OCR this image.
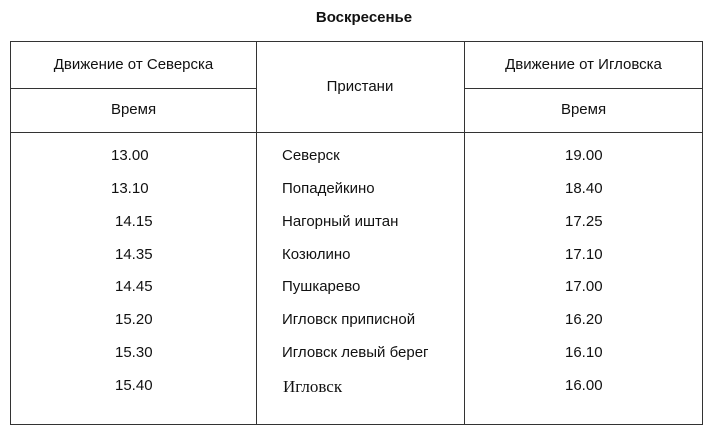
Воскресенье
Движение от Северска
Время
Пристани
Движение от Игловска
Время
13.00	Северск	19.00
13.10	Попадейкино	18.40
14.15	Нагорный иштан	17.25
14.35	Козюлино	17.10
14.45	Пушкарево	17.00
15.20	Игловск приписной	16.20
15.30	Игловск левый берег	16.10
15.40	Игловск	16.00
